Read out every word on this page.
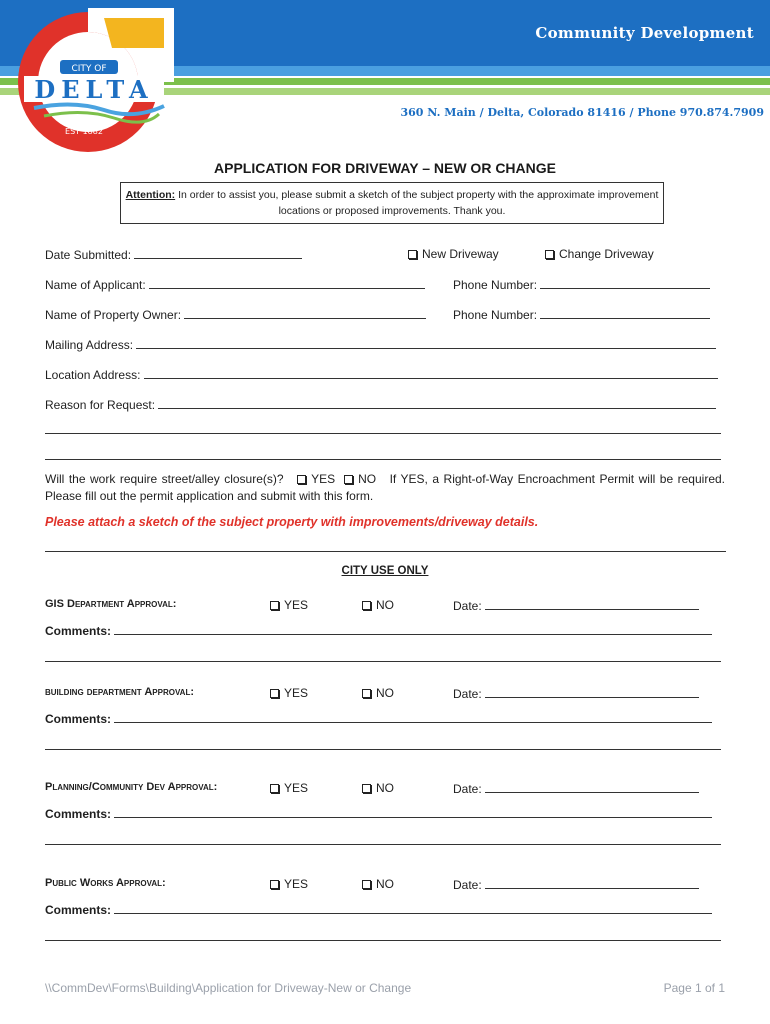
Community Development
360 N. Main / Delta, Colorado 81416 / Phone 970.874.7909
CITY OF
DELTA
EST 1882
APPLICATION FOR DRIVEWAY – NEW OR CHANGE
Attention: In order to assist you, please submit a sketch of the subject property with the approximate improvement locations or proposed improvements. Thank you.
Date Submitted:	New Driveway	Change Driveway
Name of Applicant:	Phone Number:
Name of Property Owner:	Phone Number:
Mailing Address:
Location Address:
Reason for Request:
Will the work require street/alley closure(s)? YES NO If YES, a Right-of-Way Encroachment Permit will be required. Please fill out the permit application and submit with this form.
Please attach a sketch of the subject property with improvements/driveway details.
CITY USE ONLY
GIS Department Approval:	YES	NO	Date:
Comments:
building department Approval:	YES	NO	Date:
Comments:
Planning/Community Dev Approval:	YES	NO	Date:
Comments:
Public Works Approval:	YES	NO	Date:
Comments:
\\CommDev\Forms\Building\Application for Driveway-New or Change	Page 1 of 1
